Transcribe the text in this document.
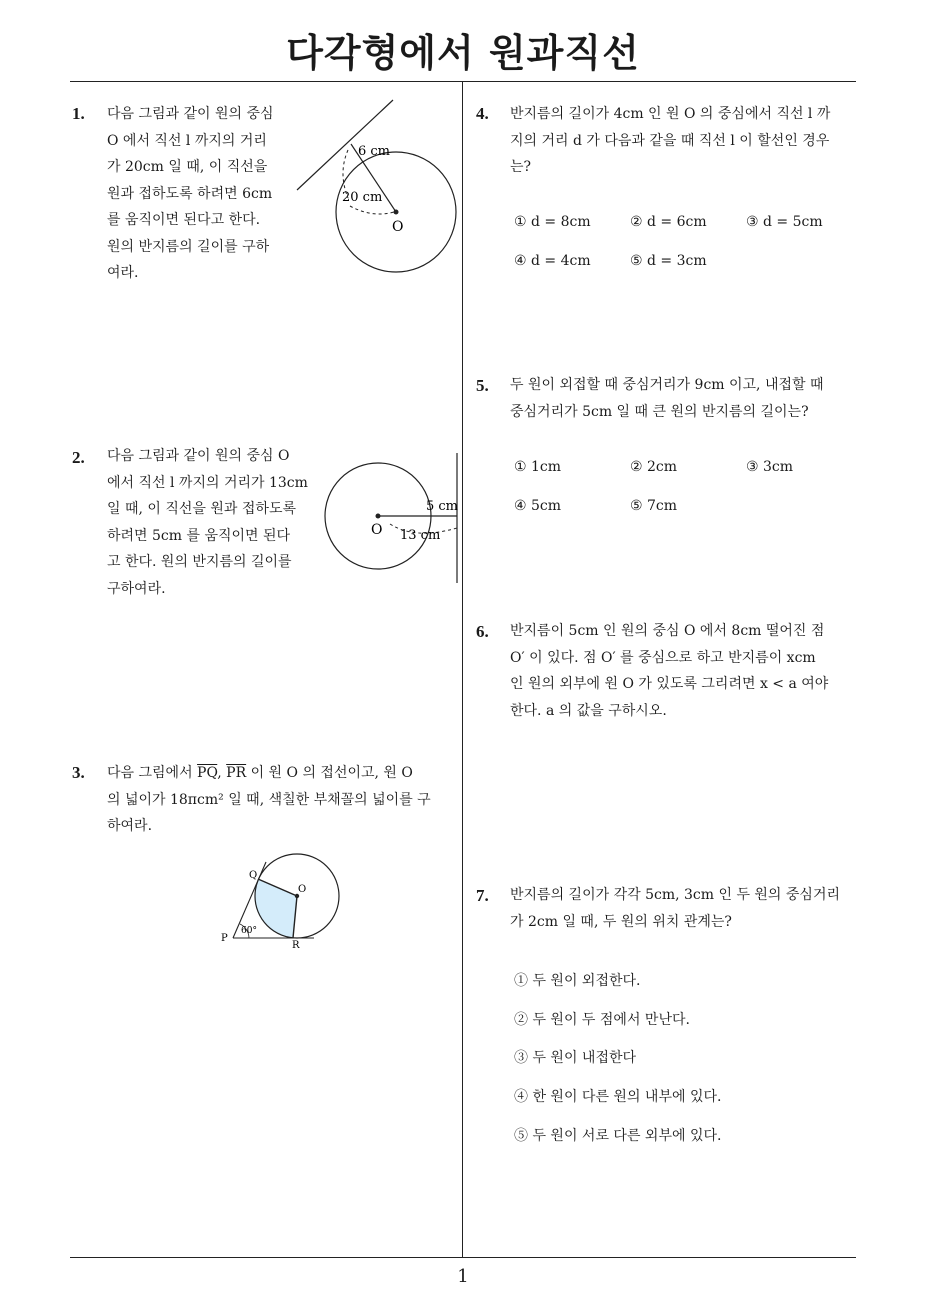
다각형에서 원과직선
1
1. 다음 그림과 같이 원의 중심
O 에서 직선 l 까지의 거리
가 20cm 일 때, 이 직선을
원과 접하도록 하려면 6cm
를 움직이면 된다고 한다.
원의 반지름의 길이를 구하
여라.
6 cm
20 cm
O
2. 다음 그림과 같이 원의 중심 O
에서 직선 l 까지의 거리가 13cm
일 때, 이 직선을 원과 접하도록
하려면 5cm 를 움직이면 된다
고 한다. 원의 반지름의 길이를
구하여라.
5 cm
13 cm
O
3. 다음 그림에서 $\overline{PQ}$, $\overline{PR}$ 이 원 O 의 접선이고, 원 O
의 넓이가 18πcm² 일 때, 색칠한 부채꼴의 넓이를 구
하여라.
Q
O
P
R
60°
4. 반지름의 길이가 4cm 인 원 O 의 중심에서 직선 l 까
지의 거리 d 가 다음과 같을 때 직선 l 이 할선인 경우
는?
① d = 8cm	② d = 6cm	③ d = 5cm
④ d = 4cm	⑤ d = 3cm
5. 두 원이 외접할 때 중심거리가 9cm 이고, 내접할 때
중심거리가 5cm 일 때 큰 원의 반지름의 길이는?
① 1cm	② 2cm	③ 3cm
④ 5cm	⑤ 7cm
6. 반지름이 5cm 인 원의 중심 O 에서 8cm 떨어진 점
O′ 이 있다. 점 O′ 를 중심으로 하고 반지름이 xcm
인 원의 외부에 원 O 가 있도록 그리려면 x < a 여야
한다. a 의 값을 구하시오.
7. 반지름의 길이가 각각 5cm, 3cm 인 두 원의 중심거리
가 2cm 일 때, 두 원의 위치 관계는?
① 두 원이 외접한다.
② 두 원이 두 점에서 만난다.
③ 두 원이 내접한다
④ 한 원이 다른 원의 내부에 있다.
⑤ 두 원이 서로 다른 외부에 있다.
